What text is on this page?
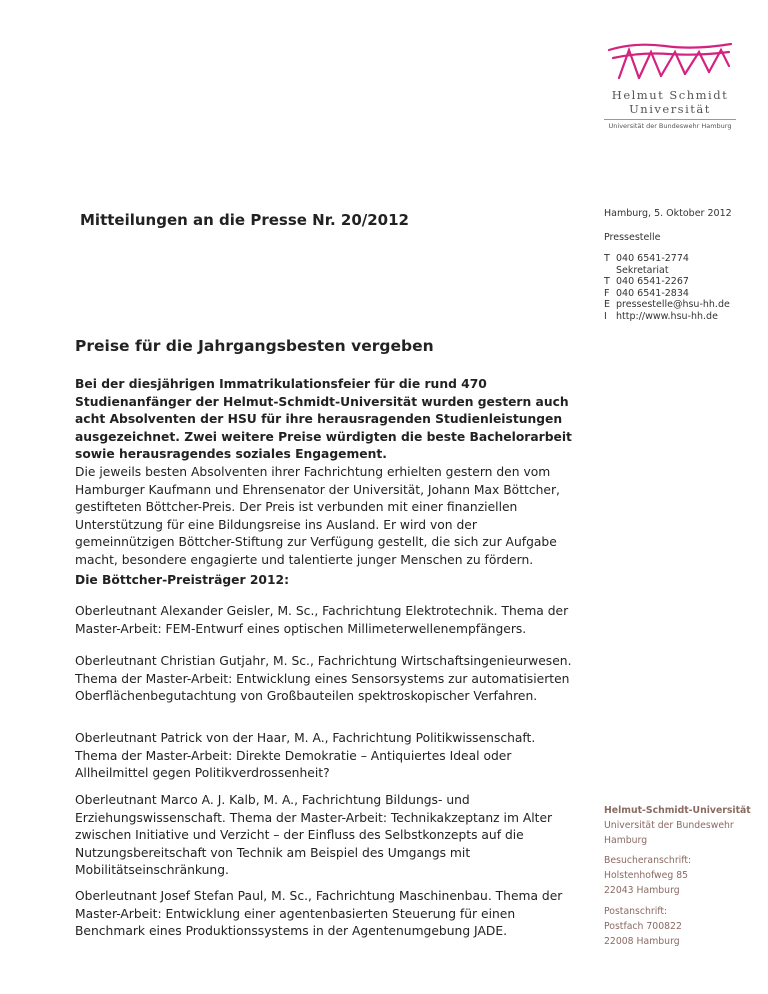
Helmut Schmidt
Universität
Universität der Bundeswehr Hamburg
Mitteilungen an die Presse Nr. 20/2012	Hamburg, 5. Oktober 2012
Pressestelle
T 040 6541-2774
Sekretariat
T 040 6541-2267
F 040 6541-2834
E pressestelle@hsu-hh.de
I http://www.hsu-hh.de
Preise für die Jahrgangsbesten vergeben
Bei der diesjährigen Immatrikulationsfeier für die rund 470 Studienanfänger der Helmut-Schmidt-Universität wurden gestern auch acht Absolventen der HSU für ihre herausragenden Studienleistungen ausgezeichnet. Zwei weitere Preise würdigten die beste Bachelorarbeit sowie herausragendes soziales Engagement.
Die jeweils besten Absolventen ihrer Fachrichtung erhielten gestern den vom Hamburger Kaufmann und Ehrensenator der Universität, Johann Max Böttcher, gestifteten Böttcher-Preis. Der Preis ist verbunden mit einer finanziellen Unterstützung für eine Bildungsreise ins Ausland. Er wird von der gemeinnützigen Böttcher-Stiftung zur Verfügung gestellt, die sich zur Aufgabe macht, besondere engagierte und talentierte junger Menschen zu fördern.
Die Böttcher-Preisträger 2012:
Oberleutnant Alexander Geisler, M. Sc., Fachrichtung Elektrotechnik. Thema der Master-Arbeit: FEM-Entwurf eines optischen Millimeterwellenempfängers.
Oberleutnant Christian Gutjahr, M. Sc., Fachrichtung Wirtschaftsingenieurwesen. Thema der Master-Arbeit: Entwicklung eines Sensorsystems zur automatisierten Oberflächenbegutachtung von Großbauteilen spektroskopischer Verfahren.
Oberleutnant Patrick von der Haar, M. A., Fachrichtung Politikwissenschaft. Thema der Master-Arbeit: Direkte Demokratie – Antiquiertes Ideal oder Allheilmittel gegen Politikverdrossenheit?
Oberleutnant Marco A. J. Kalb, M. A., Fachrichtung Bildungs- und Erziehungswissenschaft. Thema der Master-Arbeit: Technikakzeptanz im Alter zwischen Initiative und Verzicht – der Einfluss des Selbstkonzepts auf die Nutzungsbereitschaft von Technik am Beispiel des Umgangs mit Mobilitätseinschränkung.
Oberleutnant Josef Stefan Paul, M. Sc., Fachrichtung Maschinenbau. Thema der Master-Arbeit: Entwicklung einer agentenbasierten Steuerung für einen Benchmark eines Produktionssystems in der Agentenumgebung JADE.
Helmut-Schmidt-Universität
Universität der Bundeswehr
Hamburg
Besucheranschrift:
Holstenhofweg 85
22043 Hamburg
Postanschrift:
Postfach 700822
22008 Hamburg
